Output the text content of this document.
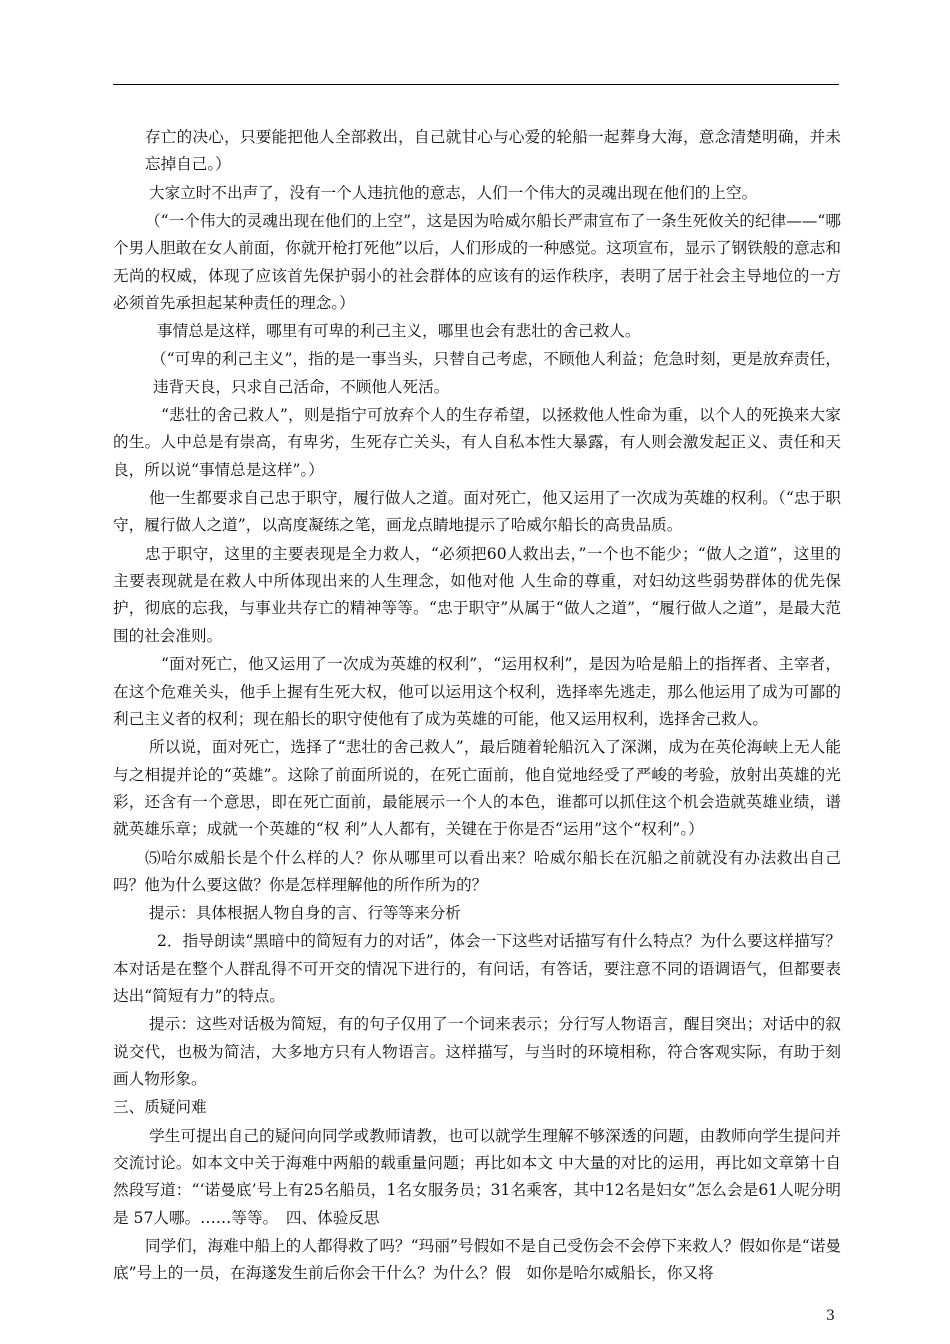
存亡的决心，只要能把他人全部救出，自己就甘心与心爱的轮船一起葬身大海，意念清楚明确，并未忘掉自己。）

大家立时不出声了，没有一个人违抗他的意志，人们一个伟大的灵魂出现在他们的上空。

（“一个伟大的灵魂出现在他们的上空”，这是因为哈威尔船长严肃宣布了一条生死攸关的纪律——“哪个男人胆敢在女人前面，你就开枪打死他”以后，人们形成的一种感觉。这项宣布，显示了钢铁般的意志和无尚的权威，体现了应该首先保护弱小的社会群体的应该有的运作秩序，表明了居于社会主导地位的一方必须首先承担起某种责任的理念。）

事情总是这样，哪里有可卑的利己主义，哪里也会有悲壮的舍己救人。

（“可卑的利己主义”，指的是一事当头，只替自己考虑，不顾他人利益；危急时刻，更是放弃责任，违背天良，只求自己活命，不顾他人死活。

“悲壮的舍己救人”，则是指宁可放弃个人的生存希望，以拯救他人性命为重，以个人的死换来大家的生。人中总是有崇高，有卑劣，生死存亡关头，有人自私本性大暴露，有人则会激发起正义、责任和天良，所以说“事情总是这样”。）

他一生都要求自己忠于职守，履行做人之道。面对死亡，他又运用了一次成为英雄的权利。（“忠于职守，履行做人之道”，以高度凝练之笔，画龙点睛地提示了哈威尔船长的高贵品质。

忠于职守，这里的主要表现是全力救人，“必须把60人救出去，”一个也不能少；“做人之道”，这里的主要表现就是在救人中所体现出来的人生理念，如他对他 人生命的尊重，对妇幼这些弱势群体的优先保护，彻底的忘我，与事业共存亡的精神等等。“忠于职守”从属于“做人之道”，“履行做人之道”，是最大范围的社会准则。

“面对死亡，他又运用了一次成为英雄的权利”，“运用权利”，是因为哈是船上的指挥者、主宰者，在这个危难关头，他手上握有生死大权，他可以运用这个权利，选择率先逃走，那么他运用了成为可鄙的利己主义者的权利；现在船长的职守使他有了成为英雄的可能，他又运用权利，选择舍己救人。

所以说，面对死亡，选择了“悲壮的舍己救人”，最后随着轮船沉入了深渊，成为在英伦海峡上无人能与之相提并论的“英雄”。这除了前面所说的，在死亡面前，他自觉地经受了严峻的考验，放射出英雄的光彩，还含有一个意思，即在死亡面前，最能展示一个人的本色，谁都可以抓住这个机会造就英雄业绩，谱就英雄乐章；成就一个英雄的“权 利”人人都有，关键在于你是否“运用”这个“权利”。）

⑸哈尔威船长是个什么样的人？你从哪里可以看出来？哈威尔船长在沉船之前就没有办法救出自己吗？他为什么要这做？你是怎样理解他的所作所为的？

提示：具体根据人物自身的言、行等等来分析

2．指导朗读“黑暗中的简短有力的对话”，体会一下这些对话描写有什么特点？为什么要这样描写？　本对话是在整个人群乱得不可开交的情况下进行的，有问话，有答话，要注意不同的语调语气，但都要表达出“简短有力”的特点。

提示：这些对话极为简短，有的句子仅用了一个词来表示；分行写人物语言，醒目突出；对话中的叙说交代，也极为简洁，大多地方只有人物语言。这样描写，与当时的环境相称，符合客观实际，有助于刻画人物形象。

三、质疑问难

学生可提出自己的疑问向同学或教师请教，也可以就学生理解不够深透的问题，由教师向学生提问并交流讨论。如本文中关于海难中两船的载重量问题；再比如本文 中大量的对比的运用，再比如文章第十自然段写道：“‘诺曼底’号上有25名船员，1名女服务员；31名乘客，其中12名是妇女”怎么会是61人呢分明是 57人哪。……等等。　四、体验反思

同学们，海难中船上的人都得救了吗？“玛丽”号假如不是自己受伤会不会停下来救人？假如你是“诺曼底”号上的一员，在海遂发生前后你会干什么？为什么？假　如你是哈尔威船长，你又将

3
